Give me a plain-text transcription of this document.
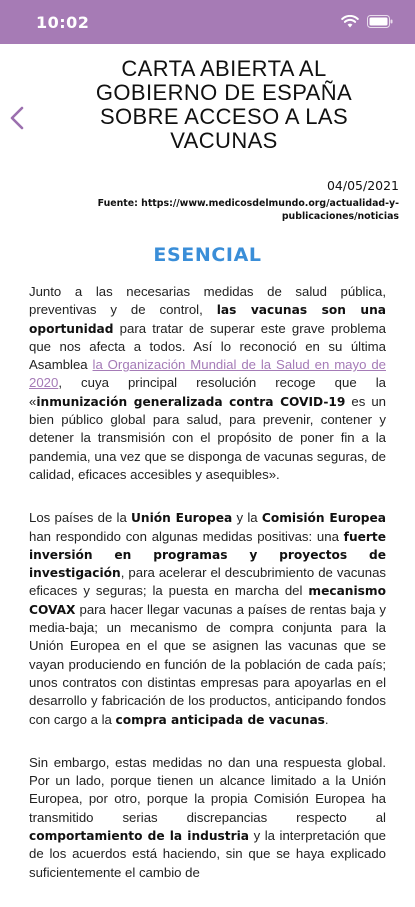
10:02
CARTA ABIERTA AL GOBIERNO DE ESPAÑA SOBRE ACCESO A LAS VACUNAS
04/05/2021
Fuente: https://www.medicosdelmundo.org/actualidad-y-publicaciones/noticias
ESENCIAL

Junto a las necesarias medidas de salud pública, preventivas y de control, las vacunas son una oportunidad para tratar de superar este grave problema que nos afecta a todos. Así lo reconoció en su última Asamblea la Organización Mundial de la Salud en mayo de 2020, cuya principal resolución recoge que la «inmunización generalizada contra COVID-19 es un bien público global para salud, para prevenir, contener y detener la transmisión con el propósito de poner fin a la pandemia, una vez que se disponga de vacunas seguras, de calidad, eficaces accesibles y asequibles».

Los países de la Unión Europea y la Comisión Europea han respondido con algunas medidas positivas: una fuerte inversión en programas y proyectos de investigación, para acelerar el descubrimiento de vacunas eficaces y seguras; la puesta en marcha del mecanismo COVAX para hacer llegar vacunas a países de rentas baja y media-baja; un mecanismo de compra conjunta para la Unión Europea en el que se asignen las vacunas que se vayan produciendo en función de la población de cada país; unos contratos con distintas empresas para apoyarlas en el desarrollo y fabricación de los productos, anticipando fondos con cargo a la compra anticipada de vacunas.

Sin embargo, estas medidas no dan una respuesta global. Por un lado, porque tienen un alcance limitado a la Unión Europea, por otro, porque la propia Comisión Europea ha transmitido serias discrepancias respecto al comportamiento de la industria y la interpretación que de los acuerdos está haciendo, sin que se haya explicado suficientemente el cambio de
